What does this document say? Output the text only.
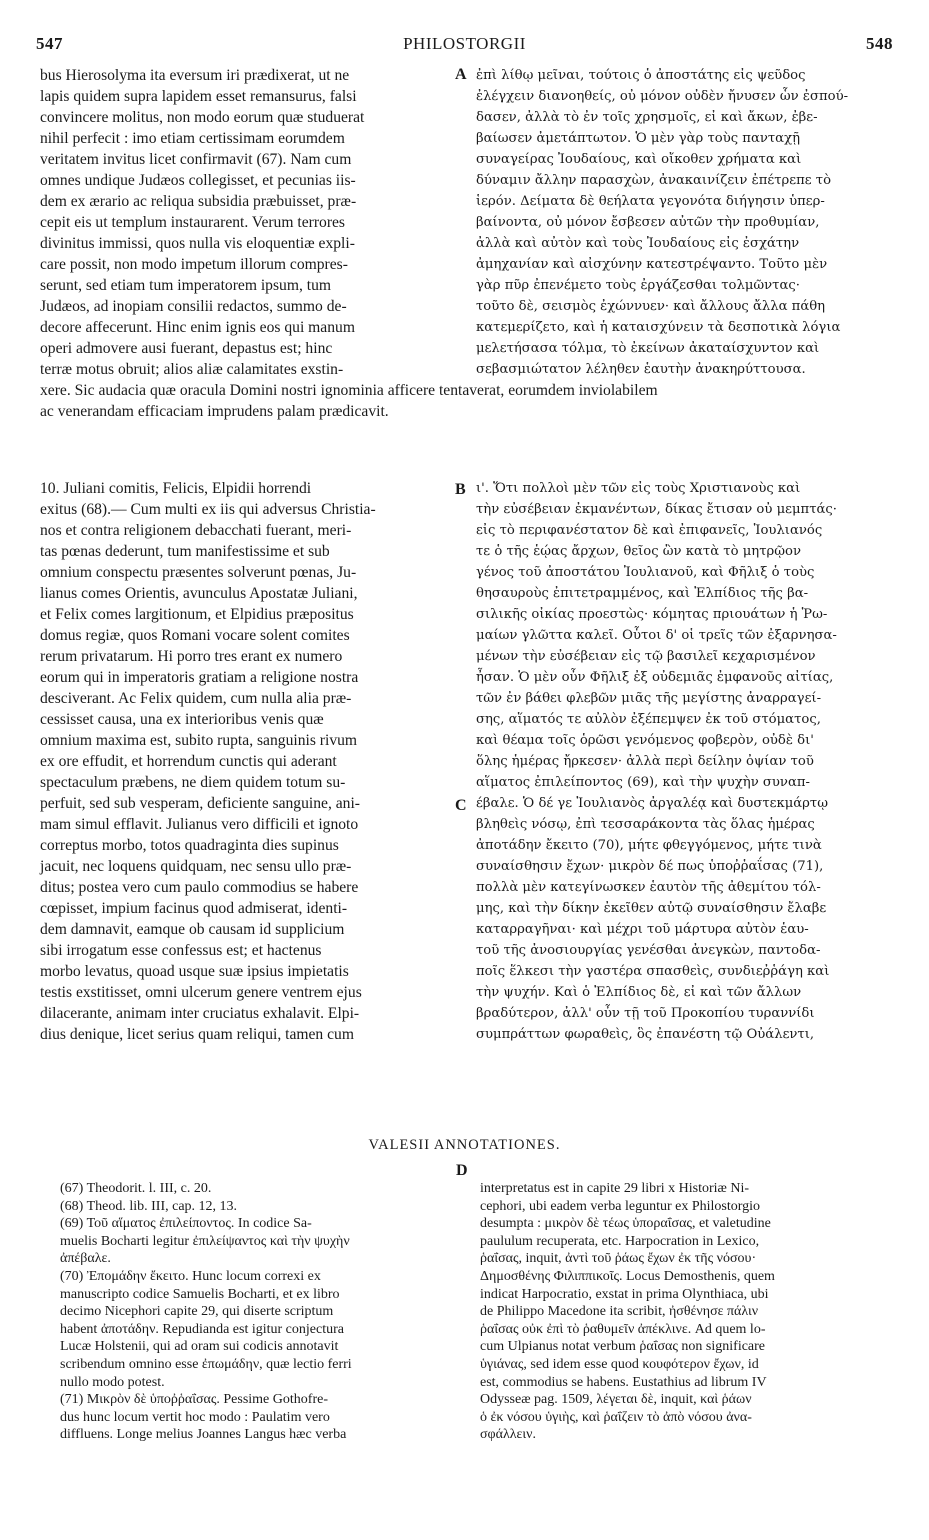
547	PHILOSTORGII	548
bus Hierosolyma ita eversum iri prædixerat, ut ne
lapis quidem supra lapidem esset remansurus, falsi
convincere molitus, non modo eorum quæ studuerat
nihil perfecit : imo etiam certissimam eorumdem
veritatem invitus licet confirmavit (67). Nam cum
omnes undique Judæos collegisset, et pecunias iis-
dem ex ærario ac reliqua subsidia præbuisset, præ-
cepit eis ut templum instaurarent. Verum terrores
divinitus immissi, quos nulla vis eloquentiæ expli-
care possit, non modo impetum illorum compres-
serunt, sed etiam tum imperatorem ipsum, tum
Judæos, ad inopiam consilii redactos, summo de-
decore affecerunt. Hinc enim ignis eos qui manum
operi admovere ausi fuerant, depastus est; hinc
terræ motus obruit; alios aliæ calamitates exstin-
ἐπὶ λίθῳ μεῖναι, τούτοις ὁ ἀποστάτης εἰς ψεῦδος
ἐλέγχειν διανοηθείς, οὐ μόνον οὐδὲν ἤνυσεν ὧν ἐσπού-
δασεν, ἀλλὰ τὸ ἐν τοῖς χρησμοῖς, εἰ καὶ ἄκων, ἐβε-
βαίωσεν ἀμετάπτωτον. Ὁ μὲν γὰρ τοὺς πανταχῇ
συναγείρας Ἰουδαίους, καὶ οἴκοθεν χρήματα καὶ
δύναμιν ἄλλην παρασχὼν, ἀνακαινίζειν ἐπέτρεπε τὸ
ἱερόν. Δείματα δὲ θεήλατα γεγονότα διήγησιν ὑπερ-
βαίνοντα, οὐ μόνον ἔσβεσεν αὐτῶν τὴν προθυμίαν,
ἀλλὰ καὶ αὐτὸν καὶ τοὺς Ἰουδαίους εἰς ἐσχάτην
ἀμηχανίαν καὶ αἰσχύνην κατεστρέψαντο. Τοῦτο μὲν
γὰρ πῦρ ἐπενέμετο τοὺς ἐργάζεσθαι τολμῶντας·
τοῦτο δὲ, σεισμὸς ἐχώννυεν· καὶ ἄλλους ἄλλα πάθη
κατεμερίζετο, καὶ ἡ καταισχύνειν τὰ δεσποτικὰ λόγια
μελετήσασα τόλμα, τὸ ἐκείνων ἀκαταίσχυντον καὶ
σεβασμιώτατον λέληθεν ἑαυτὴν ἀνακηρύττουσα.
xere. Sic audacia quæ oracula Domini nostri ignominia afficere tentaverat, eorumdem inviolabilem
ac venerandam efficaciam imprudens palam prædicavit.
10. Juliani comitis, Felicis, Elpidii horrendi
exitus (68).— Cum multi ex iis qui adversus Christia-
nos et contra religionem debacchati fuerant, meri-
tas pœnas dederunt, tum manifestissime et sub
omnium conspectu præsentes solverunt pœnas, Ju-
lianus comes Orientis, avunculus Apostatæ Juliani,
et Felix comes largitionum, et Elpidius præpositus
domus regiæ, quos Romani vocare solent comites
rerum privatarum. Hi porro tres erant ex numero
eorum qui in imperatoris gratiam a religione nostra
desciverant. Ac Felix quidem, cum nulla alia præ-
cessisset causa, una ex interioribus venis quæ
omnium maxima est, subito rupta, sanguinis rivum
ex ore effudit, et horrendum cunctis qui aderant
spectaculum præbens, ne diem quidem totum su-
perfuit, sed sub vesperam, deficiente sanguine, ani-
mam simul efflavit. Julianus vero difficili et ignoto
correptus morbo, totos quadraginta dies supinus
jacuit, nec loquens quidquam, nec sensu ullo præ-
ditus; postea vero cum paulo commodius se habere
cœpisset, impium facinus quod admiserat, identi-
dem damnavit, eamque ob causam id supplicium
sibi irrogatum esse confessus est; et hactenus
morbo levatus, quoad usque suæ ipsius impietatis
testis exstitisset, omni ulcerum genere ventrem ejus
dilacerante, animam inter cruciatus exhalavit. Elpi-
dius denique, licet serius quam reliqui, tamen cum
ι'. Ὅτι πολλοὶ μὲν τῶν εἰς τοὺς Χριστιανοὺς καὶ
τὴν εὐσέβειαν ἐκμανέντων, δίκας ἔτισαν οὐ μεμπτάς·
εἰς τὸ περιφανέστατον δὲ καὶ ἐπιφανεῖς, Ἰουλιανός
τε ὁ τῆς ἑῴας ἄρχων, θεῖος ὢν κατὰ τὸ μητρῷον
γένος τοῦ ἀποστάτου Ἰουλιανοῦ, καὶ Φῆλιξ ὁ τοὺς
θησαυροὺς ἐπιτετραμμένος, καὶ Ἐλπίδιος τῆς βα-
σιλικῆς οἰκίας προεστὼς· κόμητας πριουάτων ἡ Ῥω-
μαίων γλῶττα καλεῖ. Οὗτοι δ' οἱ τρεῖς τῶν ἐξαρνησα-
μένων τὴν εὐσέβειαν εἰς τῷ βασιλεῖ κεχαρισμένον
ἦσαν. Ὁ μὲν οὖν Φῆλιξ ἐξ οὐδεμιᾶς ἐμφανοῦς αἰτίας,
τῶν ἐν βάθει φλεβῶν μιᾶς τῆς μεγίστης ἀναρραγεί-
σης, αἵματός τε αὐλὸν ἐξέπεμψεν ἐκ τοῦ στόματος,
καὶ θέαμα τοῖς ὁρῶσι γενόμενος φοβερὸν, οὐδὲ δι'
ὅλης ἡμέρας ἤρκεσεν· ἀλλὰ περὶ δείλην ὀψίαν τοῦ
αἵματος ἐπιλείποντος (69), καὶ τὴν ψυχὴν συναπ-
έβαλε. Ὁ δέ γε Ἰουλιανὸς ἀργαλέᾳ καὶ δυστεκμάρτῳ
βληθεὶς νόσῳ, ἐπὶ τεσσαράκοντα τὰς ὅλας ἡμέρας
ἀποτάδην ἔκειτο (70), μήτε φθεγγόμενος, μήτε τινὰ
συναίσθησιν ἔχων· μικρὸν δέ πως ὑποῤῥαΐσας (71),
πολλὰ μὲν κατεγίνωσκεν ἑαυτὸν τῆς ἀθεμίτου τόλ-
μης, καὶ τὴν δίκην ἐκεῖθεν αὐτῷ συναίσθησιν ἔλαβε
καταρραγῆναι· καὶ μέχρι τοῦ μάρτυρα αὐτὸν ἑαυ-
τοῦ τῆς ἀνοσιουργίας γενέσθαι ἀνεγκὼν, παντοδα-
ποῖς ἕλκεσι τὴν γαστέρα σπασθεὶς, συνδιεῤῥάγη καὶ
τὴν ψυχήν. Καὶ ὁ Ἐλπίδιος δὲ, εἰ καὶ τῶν ἄλλων
βραδύτερον, ἀλλ' οὖν τῇ τοῦ Προκοπίου τυραννίδι
συμπράττων φωραθεὶς, ὃς ἐπανέστη τῷ Οὐάλεντι,
A
B
C
D
VALESII ANNOTATIONES.
(67) Theodorit. l. III, c. 20.
(68) Theod. lib. III, cap. 12, 13.
(69) Τοῦ αἵματος ἐπιλείποντος. In codice Sa-
muelis Bocharti legitur ἐπιλείψαντος καὶ τὴν ψυχὴν
ἀπέβαλε.
(70) Ἐπομάδην ἔκειτο. Hunc locum correxi ex
manuscripto codice Samuelis Bocharti, et ex libro
decimo Nicephori capite 29, qui diserte scriptum
habent ἀποτάδην. Repudianda est igitur conjectura
Lucæ Holstenii, qui ad oram sui codicis annotavit
scribendum omnino esse ἐπωμάδην, quæ lectio ferri
nullo modo potest.
(71) Μικρὸν δὲ ὑποῤῥαΐσας. Pessime Gothofre-
dus hunc locum vertit hoc modo : Paulatim vero
diffluens. Longe melius Joannes Langus hæc verba
interpretatus est in capite 29 libri x Historiæ Ni-
cephori, ubi eadem verba leguntur ex Philostorgio
desumpta : μικρὸν δὲ τέως ὑποραΐσας, et valetudine
paululum recuperata, etc. Harpocration in Lexico,
ῥαΐσας, inquit, ἀντὶ τοῦ ῥάως ἔχων ἐκ τῆς νόσου·
Δημοσθένης Φιλιππικοῖς. Locus Demosthenis, quem
indicat Harpocratio, exstat in prima Olynthiaca, ubi
de Philippo Macedone ita scribit, ἠσθένησε πάλιν
ῥαΐσας οὐκ ἐπὶ τὸ ῥαθυμεῖν ἀπέκλινε. Ad quem lo-
cum Ulpianus notat verbum ῥαΐσας non significare
ὑγιάνας, sed idem esse quod κουφότερον ἔχων, id
est, commodius se habens. Eustathius ad librum IV
Odysseæ pag. 1509, λέγεται δὲ, inquit, καὶ ῥάων
ὁ ἐκ νόσου ὑγιὴς, καὶ ῥαΐζειν τὸ ἀπὸ νόσου ἀνα-
σφάλλειν.
